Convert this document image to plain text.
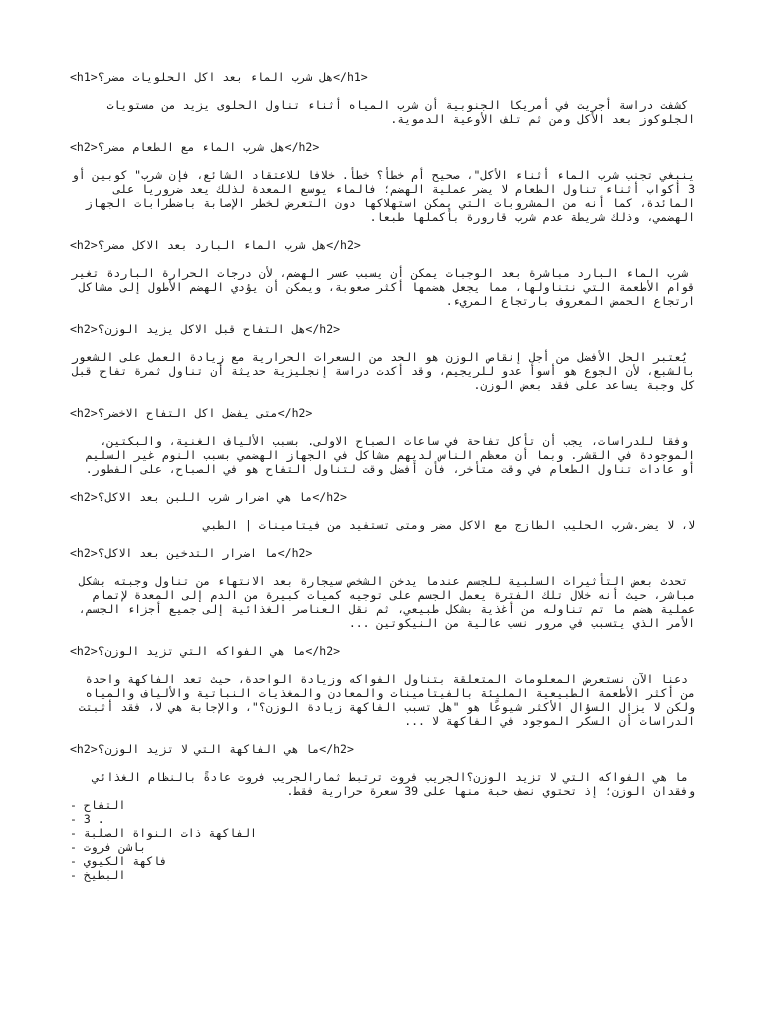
<h1>هل شرب الماء بعد اكل الحلويات مضر؟</h1>
كشفت دراسة أجريت في أمريكا الجنوبية أن شرب المياه أثناء تناول الحلوى يزيد من مستويات الجلوكوز بعد الأكل ومن ثم تلف الأوعية الدموية.
<h2>هل شرب الماء مع الطعام مضر؟</h2>
ينبغي تجنب شرب الماء أثناء الأكل"، صحيح أم خطأ؟ خطأ. خلافا للاعتقاد الشائع، فإن شرب" كوبين أو 3 أكواب أثناء تناول الطعام لا يضر عملية الهضم؛ فالماء يوسع المعدة لذلك يعد ضروريا على المائدة، كما أنه من المشروبات التي يمكن استهلاكها دون التعرض لخطر الإصابة باضطرابات الجهاز الهضمي، وذلك شريطة عدم شرب قارورة بأكملها طبعا.
<h2>هل شرب الماء البارد بعد الاكل مضر؟</h2>
شرب الماء البارد مباشرة بعد الوجبات يمكن أن يسبب عسر الهضم، لأن درجات الحرارة الباردة تغير قوام الأطعمة التي نتناولها، مما يجعل هضمها أكثر صعوبة، ويمكن أن يؤدي الهضم الأطول إلى مشاكل ارتجاع الحمض المعروف بارتجاع المريء.
<h2>هل التفاح قبل الاكل يزيد الوزن؟</h2>
يُعتبر الحل الأفضل من أجل إنقاص الوزن هو الحد من السعرات الحرارية مع زيادة العمل على الشعور بالشبع، لأن الجوع هو أسوأ عدو للريجيم، وقد أكدت دراسة إنجليزية حديثة أن تناول ثمرة تفاح قبل كل وجبة يساعد على فقد بعض الوزن.
<h2>متى يفضل اكل التفاح الاخضر؟</h2>
وفقا للدراسات، يجب أن تأكل تفاحة في ساعات الصباح الاولى. بسبب الألياف الغنية، والبكتين، الموجودة في القشر. وبما أن معظم الناس لديهم مشاكل في الجهاز الهضمي بسبب النوم غير السليم أو عادات تناول الطعام في وقت متأخر، فأن أفضل وقت لتناول التفاح هو في الصباح، على الفطور.
<h2>ما هي اضرار شرب اللبن بعد الاكل؟</h2>
لا، لا يضر.شرب الحليب الطازج مع الاكل مضر ومتى تستفيد من فيتامينات | الطبي
<h2>ما اضرار التدخين بعد الاكل؟</h2>
تحدث بعض التأثيرات السلبية للجسم عندما يدخن الشخص سيجارة بعد الانتهاء من تناول وجبته بشكل مباشر، حيث أنه خلال تلك الفترة يعمل الجسم على توجيه كميات كبيرة من الدم إلى المعدة لإتمام عملية هضم ما تم تناوله من أغذية بشكل طبيعي، ثم نقل العناصر الغذائية إلى جميع أجزاء الجسم، الأمر الذي يتسبب في مرور نسب عالية من النيكوتين ...
<h2>ما هي الفواكه التي تزيد الوزن؟</h2>
دعنا الآن نستعرض المعلومات المتعلقة بتناول الفواكه وزيادة الواحدة، حيث تعد الفاكهة واحدة من أكثر الأطعمة الطبيعية المليئة بالفيتامينات والمعادن والمغذيات النباتية والألياف والمياه ولكن لا يزال السؤال الأكثر شيوعًا هو "هل تسبب الفاكهة زيادة الوزن؟"، والإجابة هي لا، فقد أثبتت الدراسات أن السكر الموجود في الفاكهة لا ...
<h2>ما هي الفاكهة التي لا تزيد الوزن؟</h2>
ما هي الفواكه التي لا تزيد الوزن؟الجريب فروت ترتبط ثمارالجريب فروت عادةً بالنظام الغذائي وفقدان الوزن؛ إذ تحتوي نصف حبة منها على 39 سعرة حرارية فقط.
- التفاح
- 3 .
- الفاكهة ذات النواة الصلبة
- باشن فروت
- فاكهة الكيوي
- البطيخ
